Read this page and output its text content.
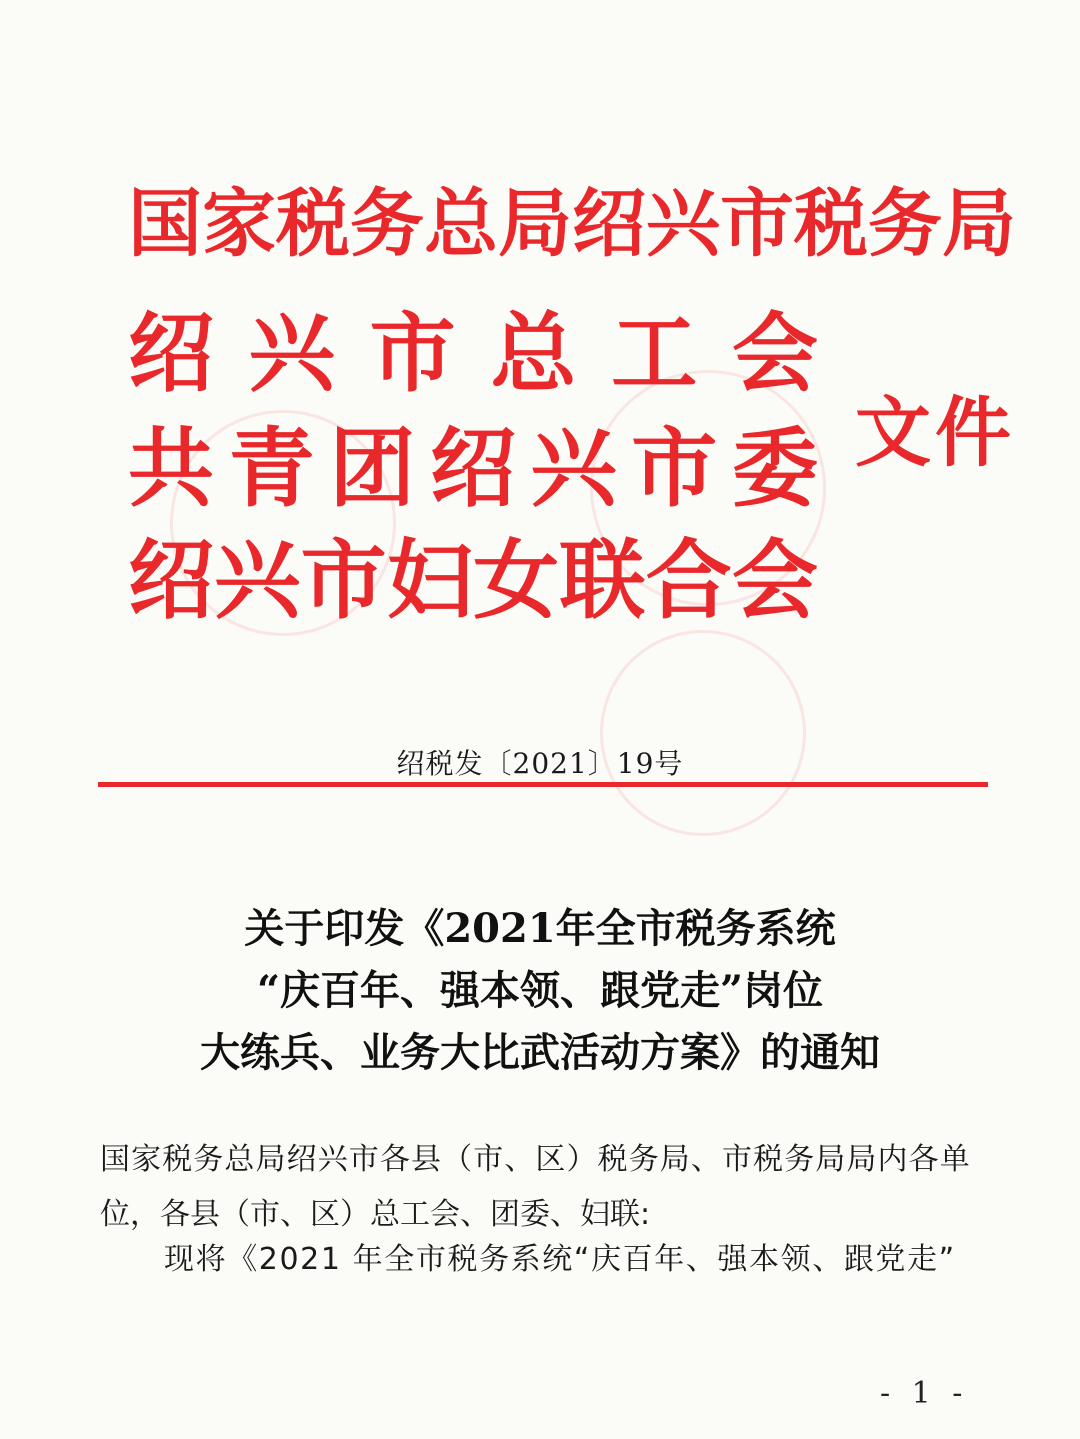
国 家 税 务 总 局 绍 兴 市 税 务 局
绍 兴 市 总 工 会
共 青 团 绍 兴 市 委
绍 兴 市 妇 女 联 合 会
文件
绍税发〔2021〕19号
关于印发《2021年全市税务系统
“庆百年、强本领、跟党走”岗位
大练兵、业务大比武活动方案》的通知
国家税务总局绍兴市各县（市、区）税务局、市税务局局内各单
位，各县（市、区）总工会、团委、妇联:
现将《2021 年全市税务系统“庆百年、强本领、跟党走”
- 1 -
